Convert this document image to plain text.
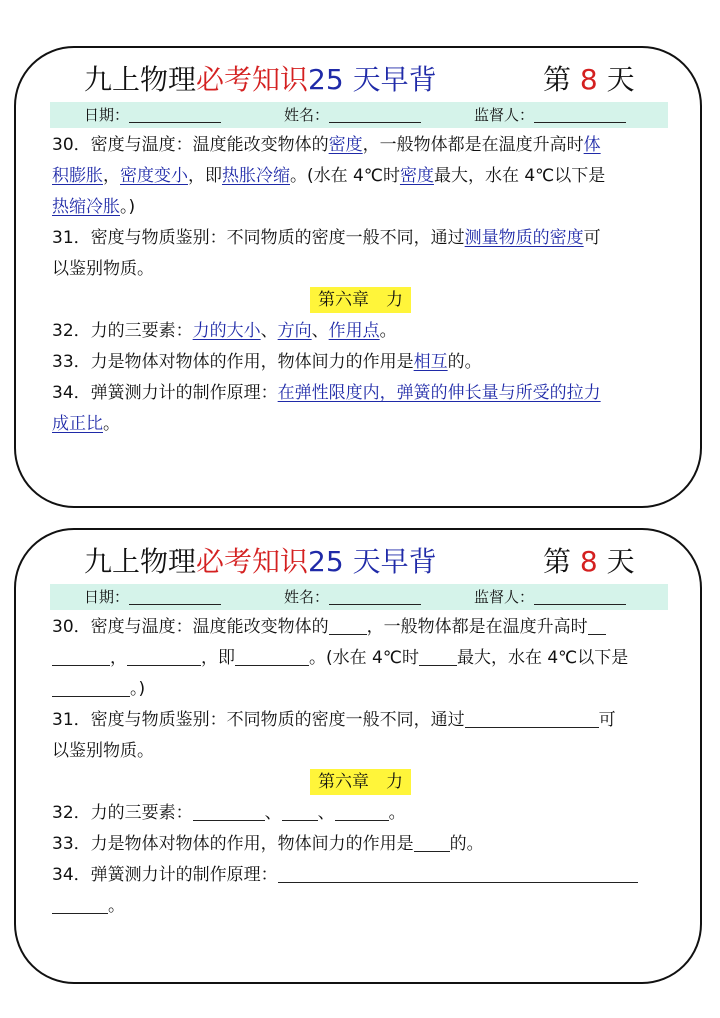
九上物理必考知识25 天早背	第 8 天
日期：	姓名：	监督人：
30．密度与温度：温度能改变物体的密度，一般物体都是在温度升高时体
积膨胀，密度变小，即热胀冷缩。(水在 4℃时密度最大，水在 4℃以下是
热缩冷胀。)
31．密度与物质鉴别：不同物质的密度一般不同，通过测量物质的密度可
以鉴别物质。
第六章　力
32．力的三要素：力的大小、方向、作用点。
33．力是物体对物体的作用，物体间力的作用是相互的。
34．弹簧测力计的制作原理：在弹性限度内，弹簧的伸长量与所受的拉力
成正比。
九上物理必考知识25 天早背	第 8 天
日期：	姓名：	监督人：
30．密度与温度：温度能改变物体的 ，一般物体都是在温度升高时
，	，即	。(水在 4℃时 最大，水在 4℃以下是
。)
31．密度与物质鉴别：不同物质的密度一般不同，通过	可
以鉴别物质。
第六章　力
32．力的三要素：	、 、	。
33．力是物体对物体的作用，物体间力的作用是 的。
34．弹簧测力计的制作原理：
。
